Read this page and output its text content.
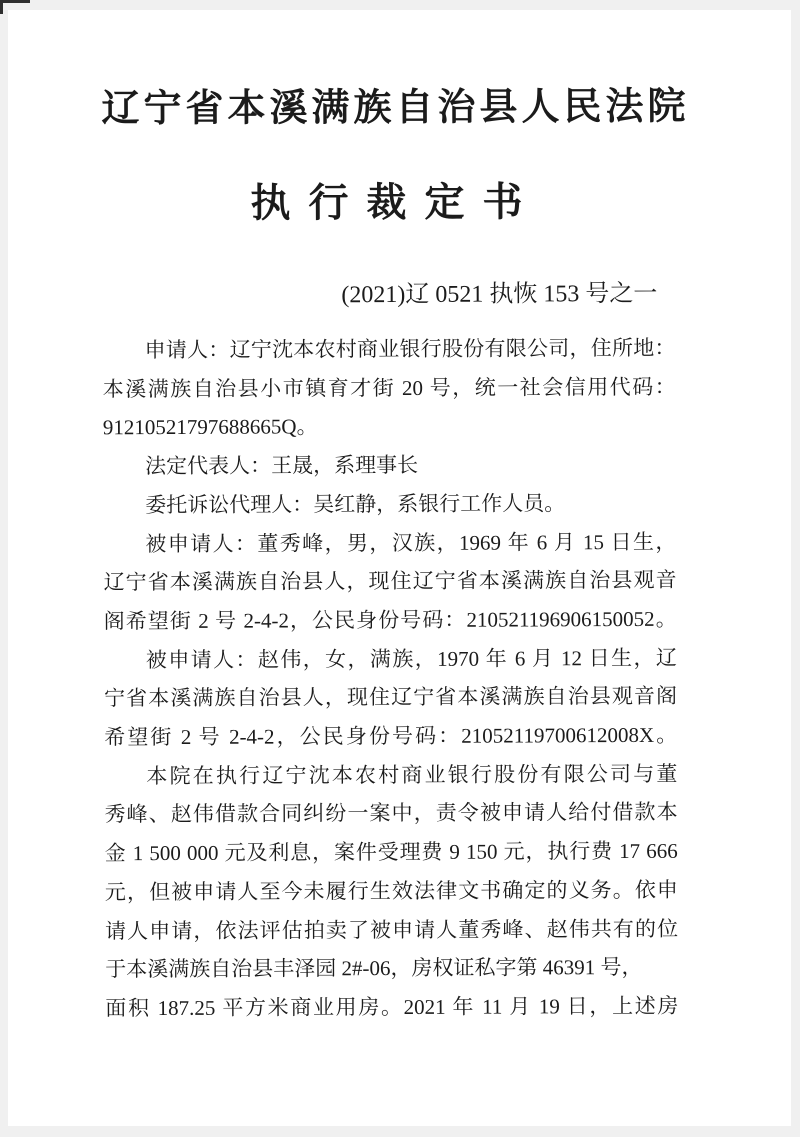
辽宁省本溪满族自治县人民法院
执 行 裁 定 书
(2021)辽 0521 执恢 153 号之一
申请人：辽宁沈本农村商业银行股份有限公司，住所地：
本溪满族自治县小市镇育才街 20 号，统一社会信用代码：
91210521797688665Q。
法定代表人：王晟，系理事长
委托诉讼代理人：吴红静，系银行工作人员。
被申请人：董秀峰，男，汉族，1969 年 6 月 15 日生，
辽宁省本溪满族自治县人，现住辽宁省本溪满族自治县观音
阁希望街 2 号 2-4-2，公民身份号码：210521196906150052。
被申请人：赵伟，女，满族，1970 年 6 月 12 日生，辽
宁省本溪满族自治县人，现住辽宁省本溪满族自治县观音阁
希望街 2 号 2-4-2，公民身份号码：21052119700612008X。
本院在执行辽宁沈本农村商业银行股份有限公司与董
秀峰、赵伟借款合同纠纷一案中，责令被申请人给付借款本
金 1 500 000 元及利息，案件受理费 9 150 元，执行费 17 666
元，但被申请人至今未履行生效法律文书确定的义务。依申
请人申请，依法评估拍卖了被申请人董秀峰、赵伟共有的位
于本溪满族自治县丰泽园 2#-06，房权证私字第 46391 号，
面积 187.25 平方米商业用房。2021 年 11 月 19 日，上述房
